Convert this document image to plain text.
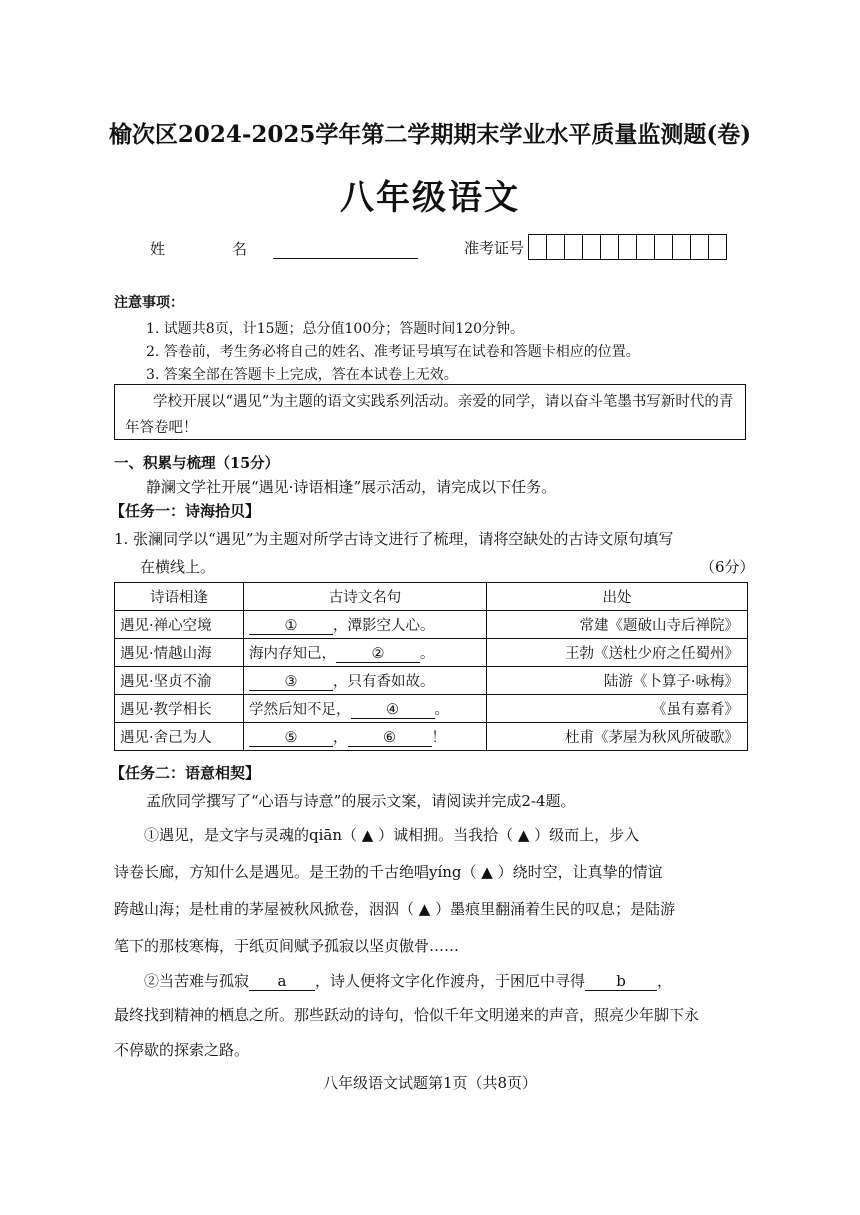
榆次区2024-2025学年第二学期期末学业水平质量监测题(卷)
八年级语文
姓　名	准考证号
注意事项：
1. 试题共8页，计15题；总分值100分；答题时间120分钟。
2. 答卷前，考生务必将自己的姓名、准考证号填写在试卷和答题卡相应的位置。
3. 答案全部在答题卡上完成，答在本试卷上无效。
学校开展以“遇见”为主题的语文实践系列活动。亲爱的同学，请以奋斗笔墨书写新时代的青年答卷吧！
一、积累与梳理（15分）
静澜文学社开展“遇见·诗语相逢”展示活动，请完成以下任务。
【任务一：诗海拾贝】
1. 张澜同学以“遇见”为主题对所学古诗文进行了梳理，请将空缺处的古诗文原句填写
在横线上。	（6分）
诗语相逢	古诗文名句	出处
遇见·禅心空境	① ，潭影空人心。	常建《题破山寺后禅院》
遇见·情越山海	海内存知己， ② 。	王勃《送杜少府之任蜀州》
遇见·坚贞不渝	③ ，只有香如故。	陆游《卜算子·咏梅》
遇见·教学相长	学然后知不足， ④ 。	《虽有嘉肴》
遇见·舍己为人	⑤ ， ⑥ ！	杜甫《茅屋为秋风所破歌》
【任务二：语意相契】
孟欣同学撰写了“心语与诗意”的展示文案，请阅读并完成2-4题。
①遇见，是文字与灵魂的qiān（ ▲ ）诚相拥。当我拾（ ▲ ）级而上，步入
诗卷长廊，方知什么是遇见。是王勃的千古绝唱yíng（ ▲ ）绕时空，让真挚的情谊
跨越山海；是杜甫的茅屋被秋风掀卷，洇泅（ ▲ ）墨痕里翻涌着生民的叹息；是陆游
笔下的那枝寒梅，于纸页间赋予孤寂以坚贞傲骨……
②当苦难与孤寂 a ，诗人便将文字化作渡舟，于困厄中寻得 b ，
最终找到精神的栖息之所。那些跃动的诗句，恰似千年文明递来的声音，照亮少年脚下永
不停歇的探索之路。
八年级语文试题第1页（共8页）
